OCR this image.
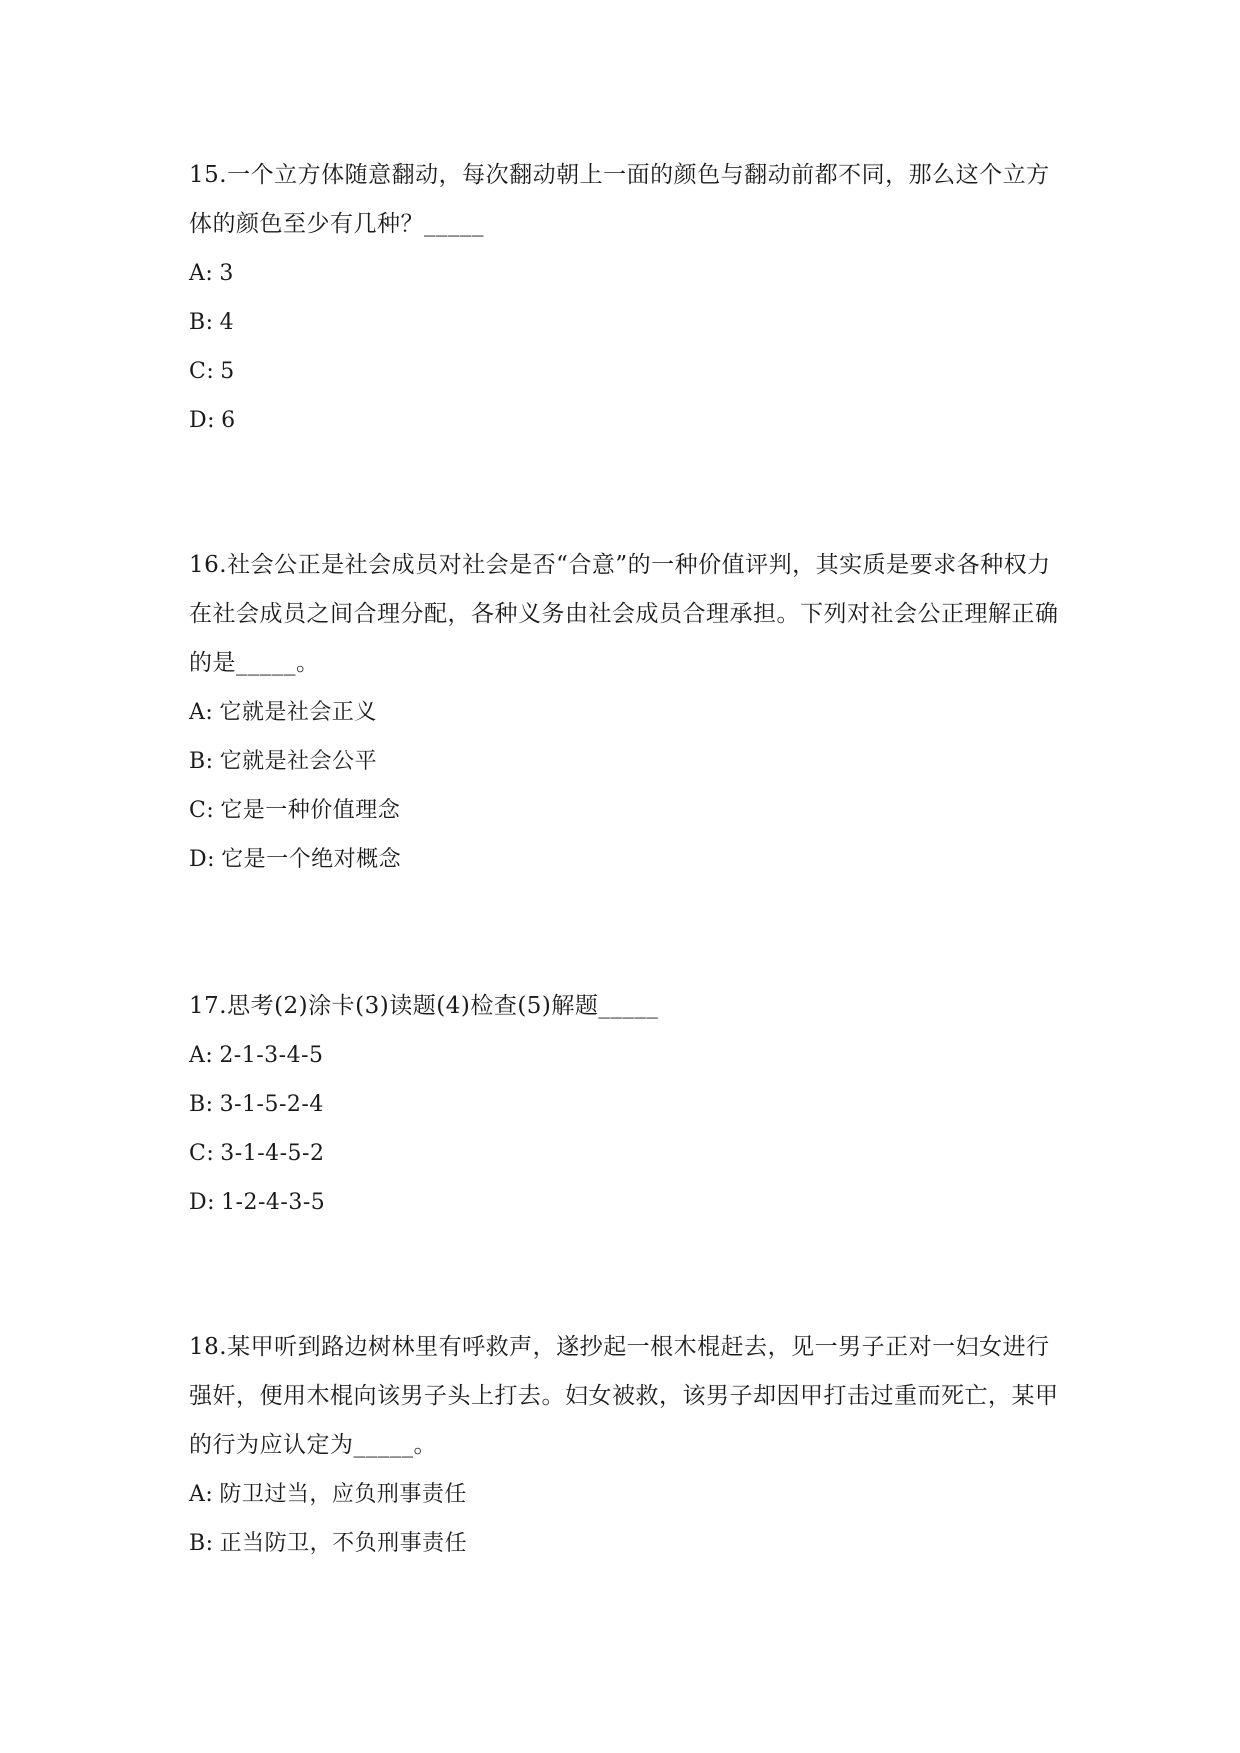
15.一个立方体随意翻动，每次翻动朝上一面的颜色与翻动前都不同，那么这个立方体的颜色至少有几种？_____

A: 3

B: 4

C: 5

D: 6

16.社会公正是社会成员对社会是否“合意”的一种价值评判，其实质是要求各种权力在社会成员之间合理分配，各种义务由社会成员合理承担。下列对社会公正理解正确的是_____。

A: 它就是社会正义

B: 它就是社会公平

C: 它是一种价值理念

D: 它是一个绝对概念

17.思考(2)涂卡(3)读题(4)检查(5)解题_____

A: 2-1-3-4-5

B: 3-1-5-2-4

C: 3-1-4-5-2

D: 1-2-4-3-5

18.某甲听到路边树林里有呼救声，遂抄起一根木棍赶去，见一男子正对一妇女进行强奸，便用木棍向该男子头上打去。妇女被救，该男子却因甲打击过重而死亡，某甲的行为应认定为_____。

A: 防卫过当，应负刑事责任

B: 正当防卫，不负刑事责任
